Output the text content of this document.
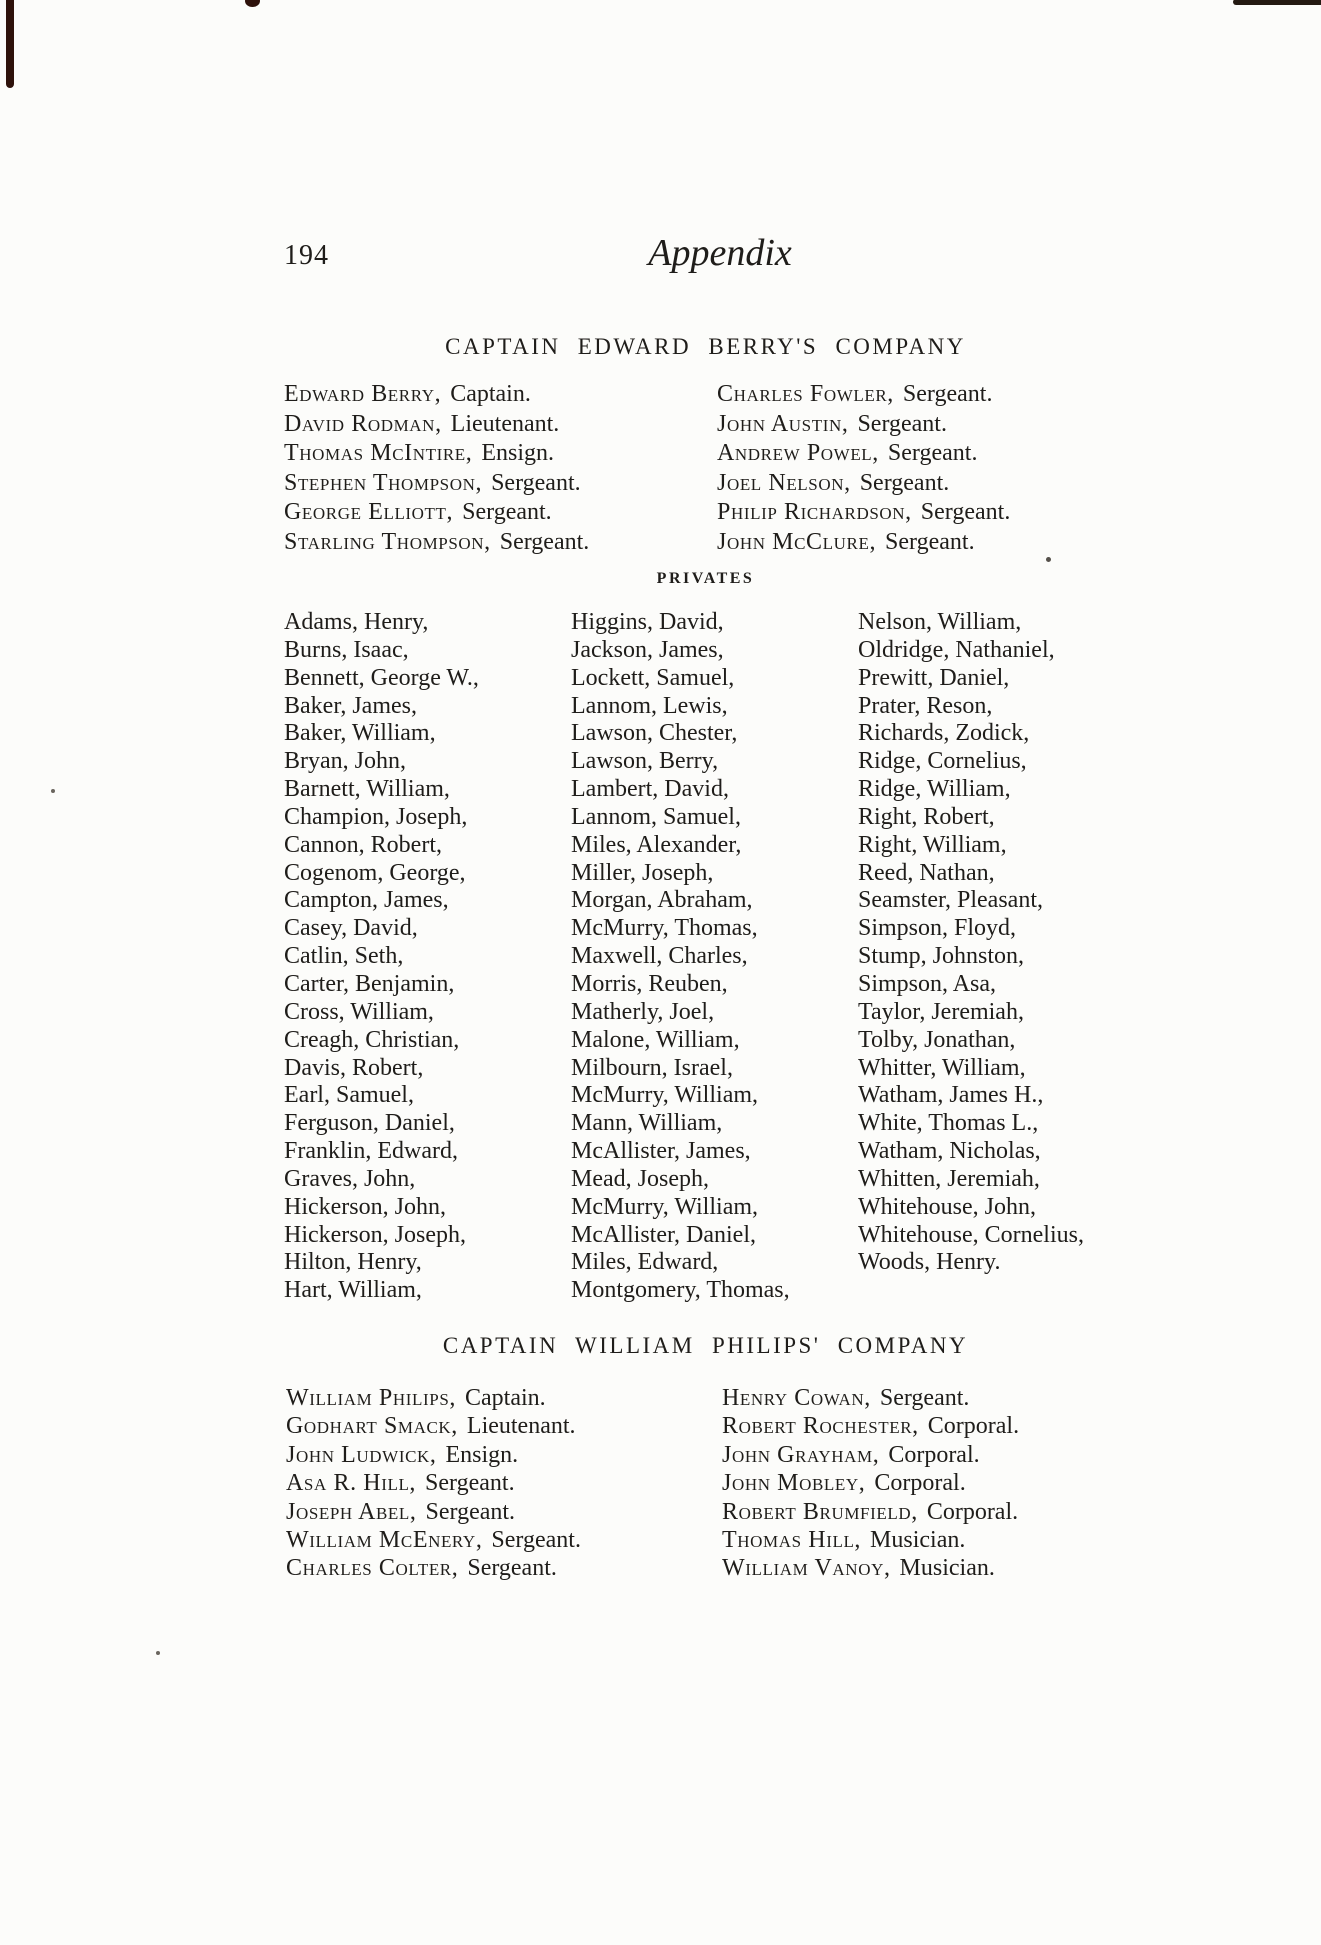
194	Appendix
CAPTAIN EDWARD BERRY'S COMPANY
Edward Berry, Captain.
David Rodman, Lieutenant.
Thomas McIntire, Ensign.
Stephen Thompson, Sergeant.
George Elliott, Sergeant.
Starling Thompson, Sergeant.
Charles Fowler, Sergeant.
John Austin, Sergeant.
Andrew Powel, Sergeant.
Joel Nelson, Sergeant.
Philip Richardson, Sergeant.
John McClure, Sergeant.
PRIVATES
Adams, Henry,
Burns, Isaac,
Bennett, George W.,
Baker, James,
Baker, William,
Bryan, John,
Barnett, William,
Champion, Joseph,
Cannon, Robert,
Cogenom, George,
Campton, James,
Casey, David,
Catlin, Seth,
Carter, Benjamin,
Cross, William,
Creagh, Christian,
Davis, Robert,
Earl, Samuel,
Ferguson, Daniel,
Franklin, Edward,
Graves, John,
Hickerson, John,
Hickerson, Joseph,
Hilton, Henry,
Hart, William,
Higgins, David,
Jackson, James,
Lockett, Samuel,
Lannom, Lewis,
Lawson, Chester,
Lawson, Berry,
Lambert, David,
Lannom, Samuel,
Miles, Alexander,
Miller, Joseph,
Morgan, Abraham,
McMurry, Thomas,
Maxwell, Charles,
Morris, Reuben,
Matherly, Joel,
Malone, William,
Milbourn, Israel,
McMurry, William,
Mann, William,
McAllister, James,
Mead, Joseph,
McMurry, William,
McAllister, Daniel,
Miles, Edward,
Montgomery, Thomas,
Nelson, William,
Oldridge, Nathaniel,
Prewitt, Daniel,
Prater, Reson,
Richards, Zodick,
Ridge, Cornelius,
Ridge, William,
Right, Robert,
Right, William,
Reed, Nathan,
Seamster, Pleasant,
Simpson, Floyd,
Stump, Johnston,
Simpson, Asa,
Taylor, Jeremiah,
Tolby, Jonathan,
Whitter, William,
Watham, James H.,
White, Thomas L.,
Watham, Nicholas,
Whitten, Jeremiah,
Whitehouse, John,
Whitehouse, Cornelius,
Woods, Henry.
CAPTAIN WILLIAM PHILIPS' COMPANY
William Philips, Captain.
Godhart Smack, Lieutenant.
John Ludwick, Ensign.
Asa R. Hill, Sergeant.
Joseph Abel, Sergeant.
William McEnery, Sergeant.
Charles Colter, Sergeant.
Henry Cowan, Sergeant.
Robert Rochester, Corporal.
John Grayham, Corporal.
John Mobley, Corporal.
Robert Brumfield, Corporal.
Thomas Hill, Musician.
William Vanoy, Musician.
